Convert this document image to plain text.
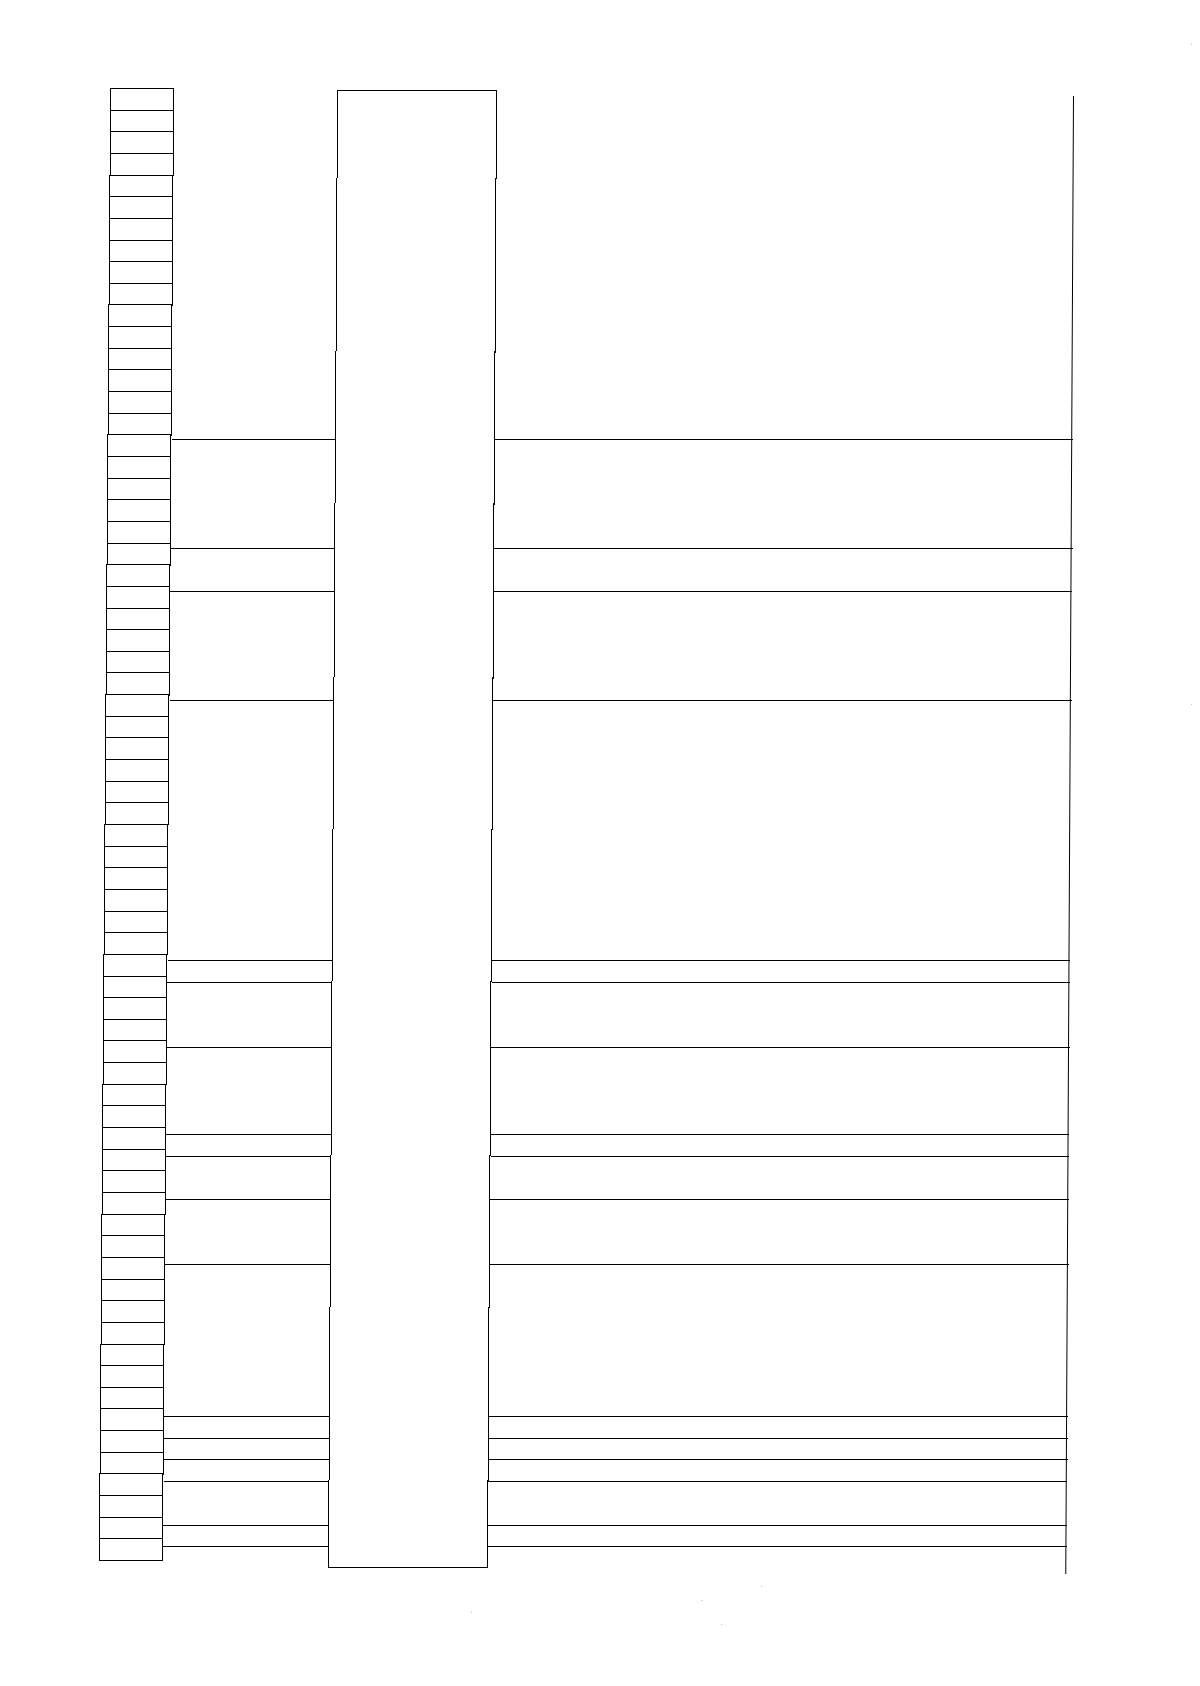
·
·
·
·
·
·
